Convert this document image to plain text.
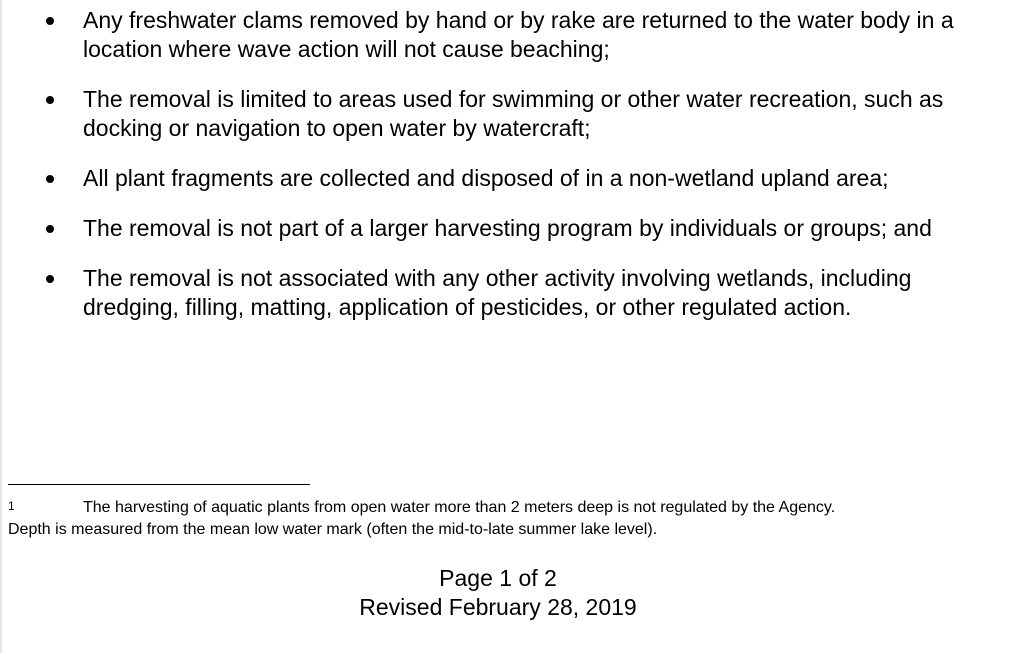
Any freshwater clams removed by hand or by rake are returned to the water body in a location where wave action will not cause beaching;
The removal is limited to areas used for swimming or other water recreation, such as docking or navigation to open water by watercraft;
All plant fragments are collected and disposed of in a non-wetland upland area;
The removal is not part of a larger harvesting program by individuals or groups; and
The removal is not associated with any other activity involving wetlands, including dredging, filling, matting, application of pesticides, or other regulated action.
1	The harvesting of aquatic plants from open water more than 2 meters deep is not regulated by the Agency.
Depth is measured from the mean low water mark (often the mid-to-late summer lake level).
Page 1 of 2
Revised February 28, 2019
